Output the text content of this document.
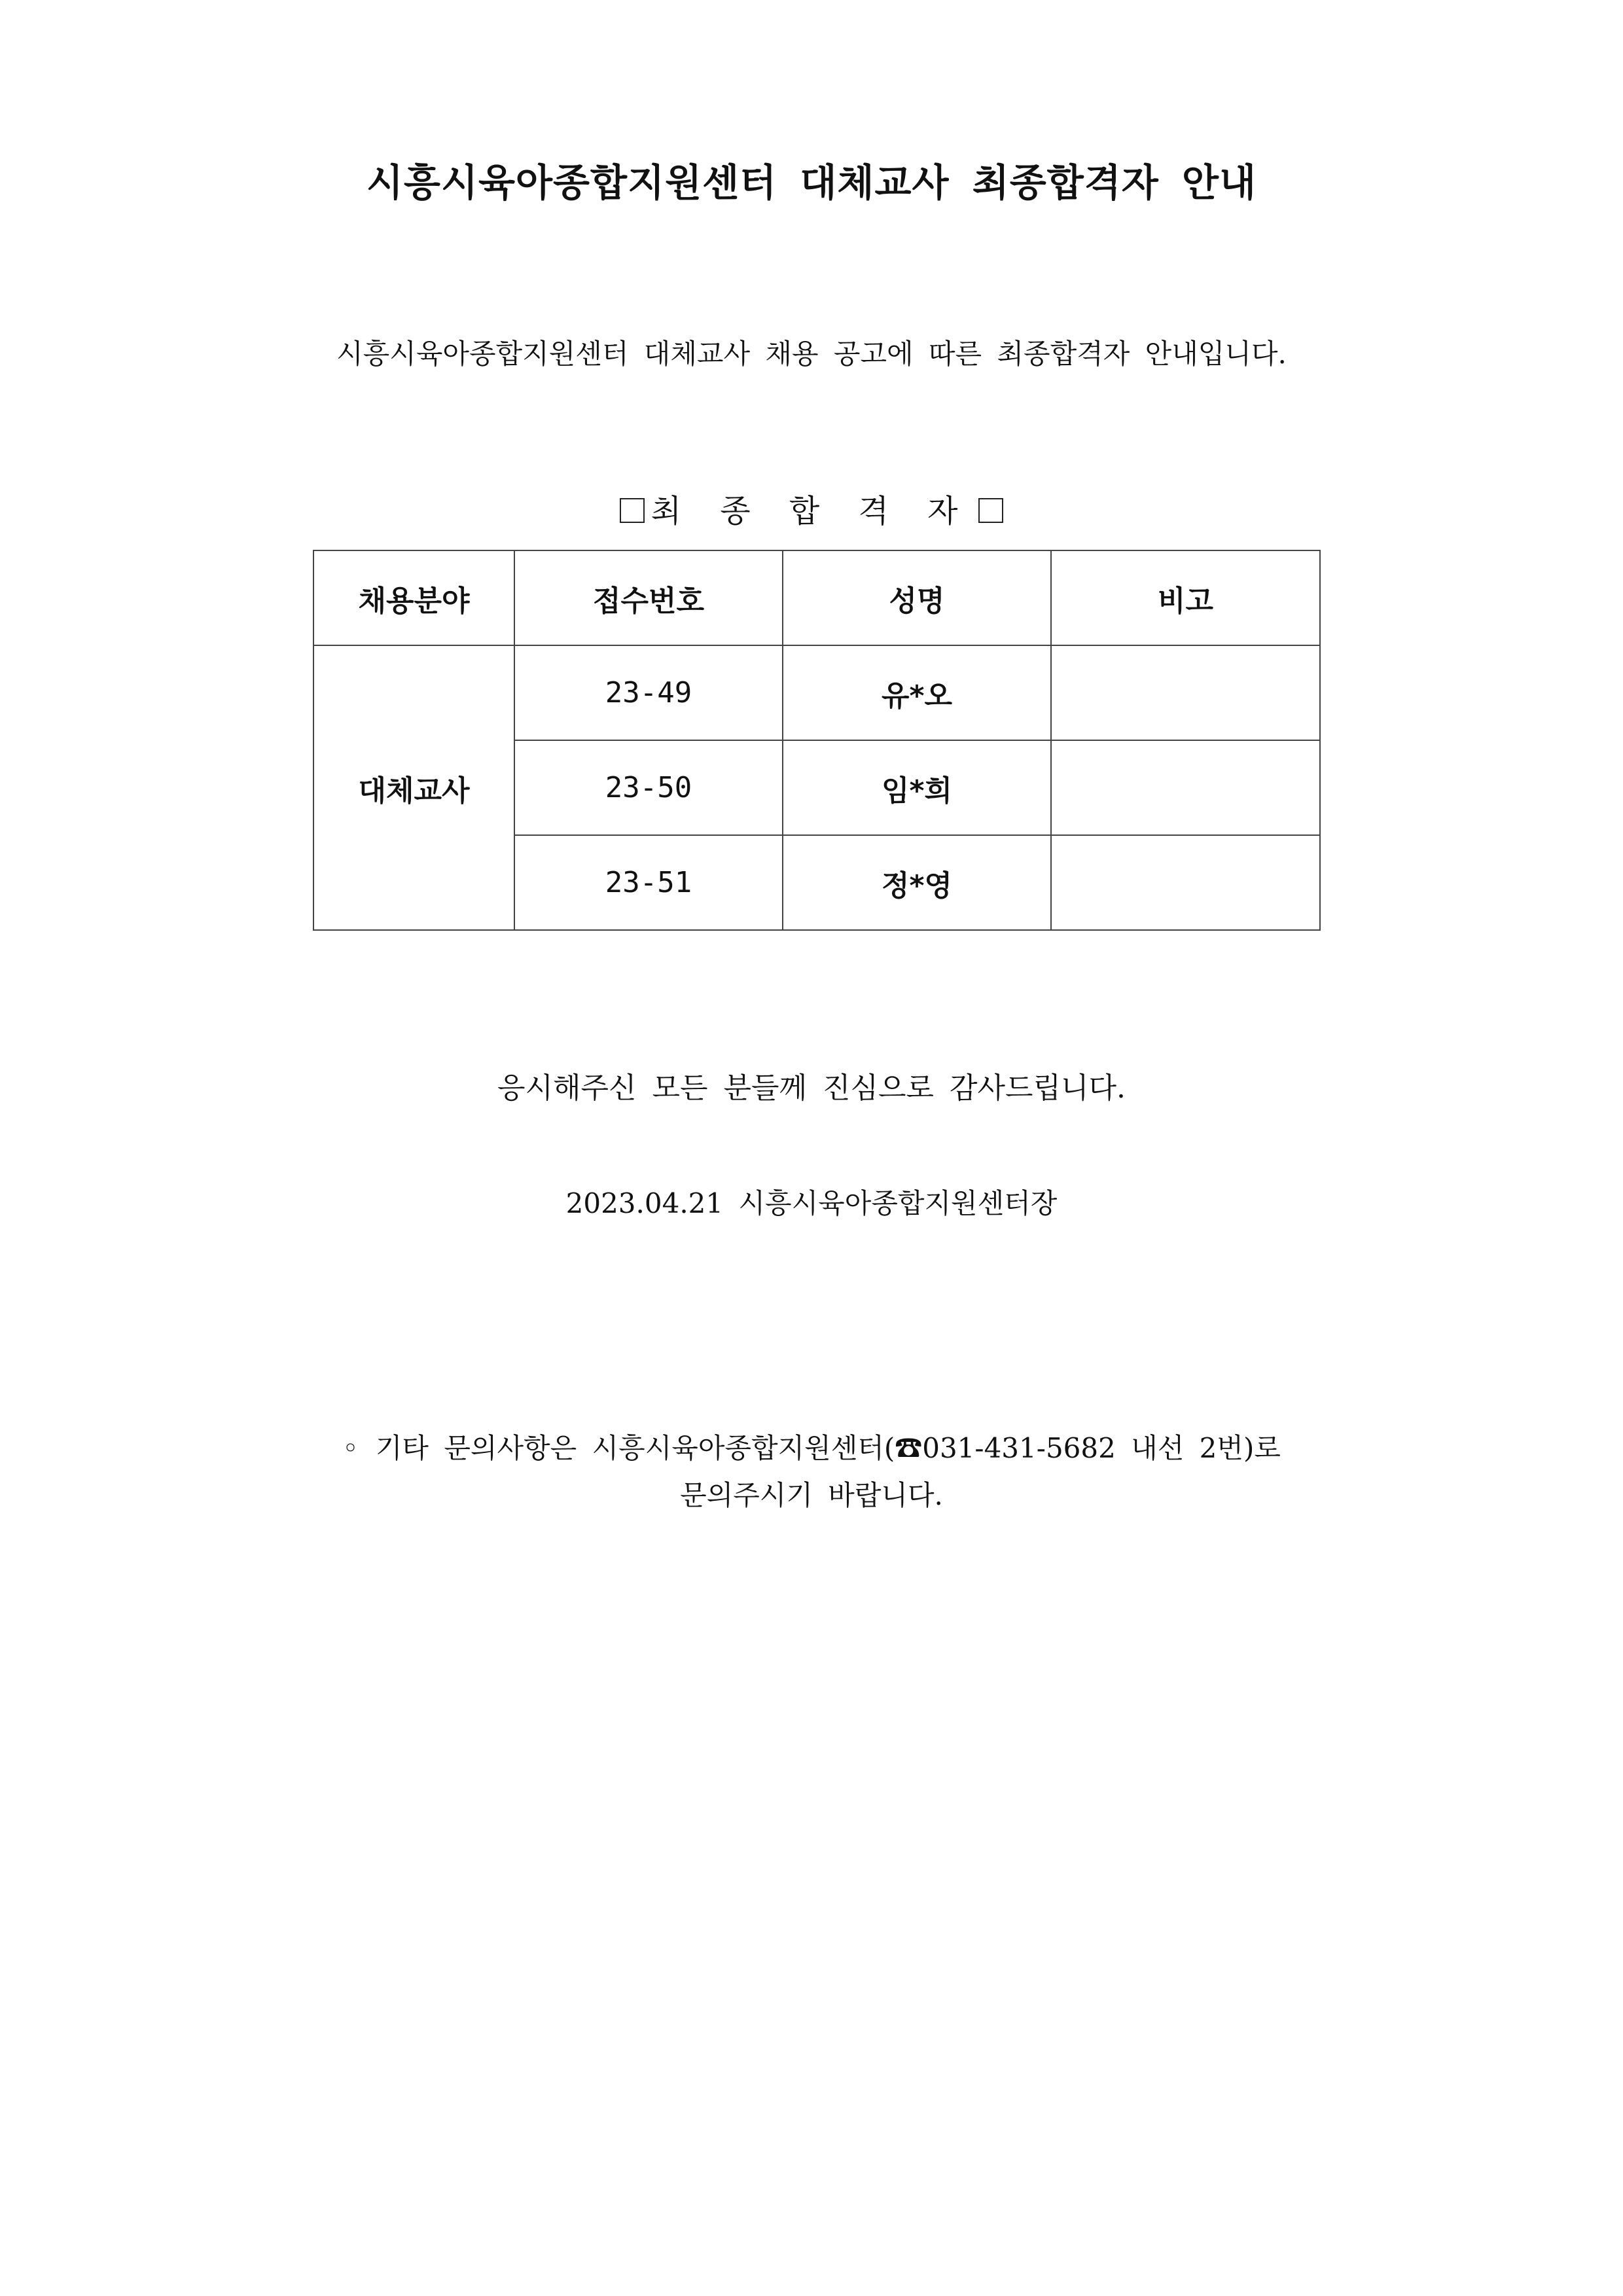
시흥시육아종합지원센터 대체교사 최종합격자 안내
시흥시육아종합지원센터 대체교사 채용 공고에 따른 최종합격자 안내입니다.
최 종 합 격 자
채용분야	접수번호	성명	비고
대체교사	23-49	유*오	
	23-50	임*희	
	23-51	정*영	
응시해주신 모든 분들께 진심으로 감사드립니다.
2023.04.21 시흥시육아종합지원센터장
◦ 기타 문의사항은 시흥시육아종합지원센터(☎031-431-5682 내선 2번)로
문의주시기 바랍니다.
